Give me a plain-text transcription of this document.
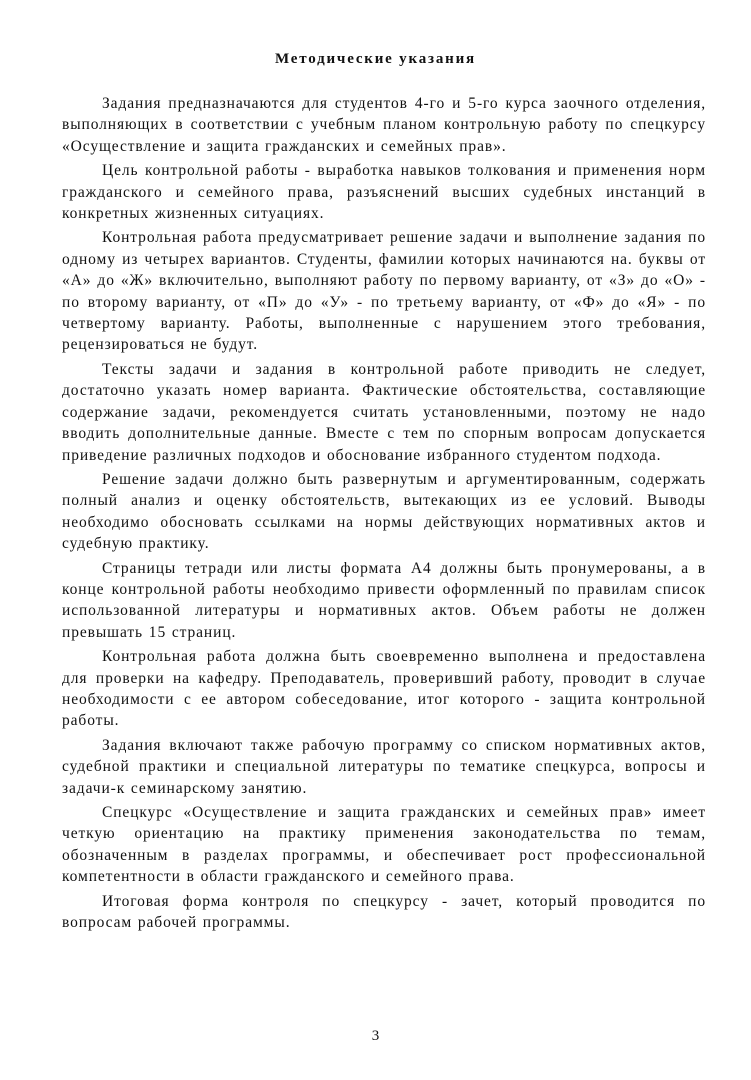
Методические указания

Задания предназначаются для студентов 4-го и 5-го курса заочного отделения, выполняющих в соответствии с учебным планом контрольную работу по спецкурсу «Осуществление и защита гражданских и семейных прав».

Цель контрольной работы - выработка навыков толкования и применения норм гражданского и семейного права, разъяснений высших судебных инстанций в конкретных жизненных ситуациях.

Контрольная работа предусматривает решение задачи и выполнение задания по одному из четырех вариантов. Студенты, фамилии которых начинаются на. буквы от «А» до «Ж» включительно, выполняют работу по первому варианту, от «З» до «О» - по второму варианту, от «П» до «У» - по третьему варианту, от «Ф» до «Я» - по четвертому варианту. Работы, выполненные с нарушением этого требования, рецензироваться не будут.

Тексты задачи и задания в контрольной работе приводить не следует, достаточно указать номер варианта. Фактические обстоятельства, составляющие содержание задачи, рекомендуется считать установленными, поэтому не надо вводить дополнительные данные. Вместе с тем по спорным вопросам допускается приведение различных подходов и обоснование избранного студентом подхода.

Решение задачи должно быть развернутым и аргументированным, содержать полный анализ и оценку обстоятельств, вытекающих из ее условий. Выводы необходимо обосновать ссылками на нормы действующих нормативных актов и судебную практику.

Страницы тетради или листы формата А4 должны быть пронумерованы, а в конце контрольной работы необходимо привести оформленный по правилам список использованной литературы и нормативных актов. Объем работы не должен превышать 15 страниц.

Контрольная работа должна быть своевременно выполнена и предоставлена для проверки на кафедру. Преподаватель, проверивший работу, проводит в случае необходимости с ее автором собеседование, итог которого - защита контрольной работы.

Задания включают также рабочую программу со списком нормативных актов, судебной практики и специальной литературы по тематике спецкурса, вопросы и задачи-к семинарскому занятию.

Спецкурс «Осуществление и защита гражданских и семейных прав» имеет четкую ориентацию на практику применения законодательства по темам, обозначенным в разделах программы, и обеспечивает рост профессиональной компетентности в области гражданского и семейного права.

Итоговая форма контроля по спецкурсу - зачет, который проводится по вопросам рабочей программы.

3
